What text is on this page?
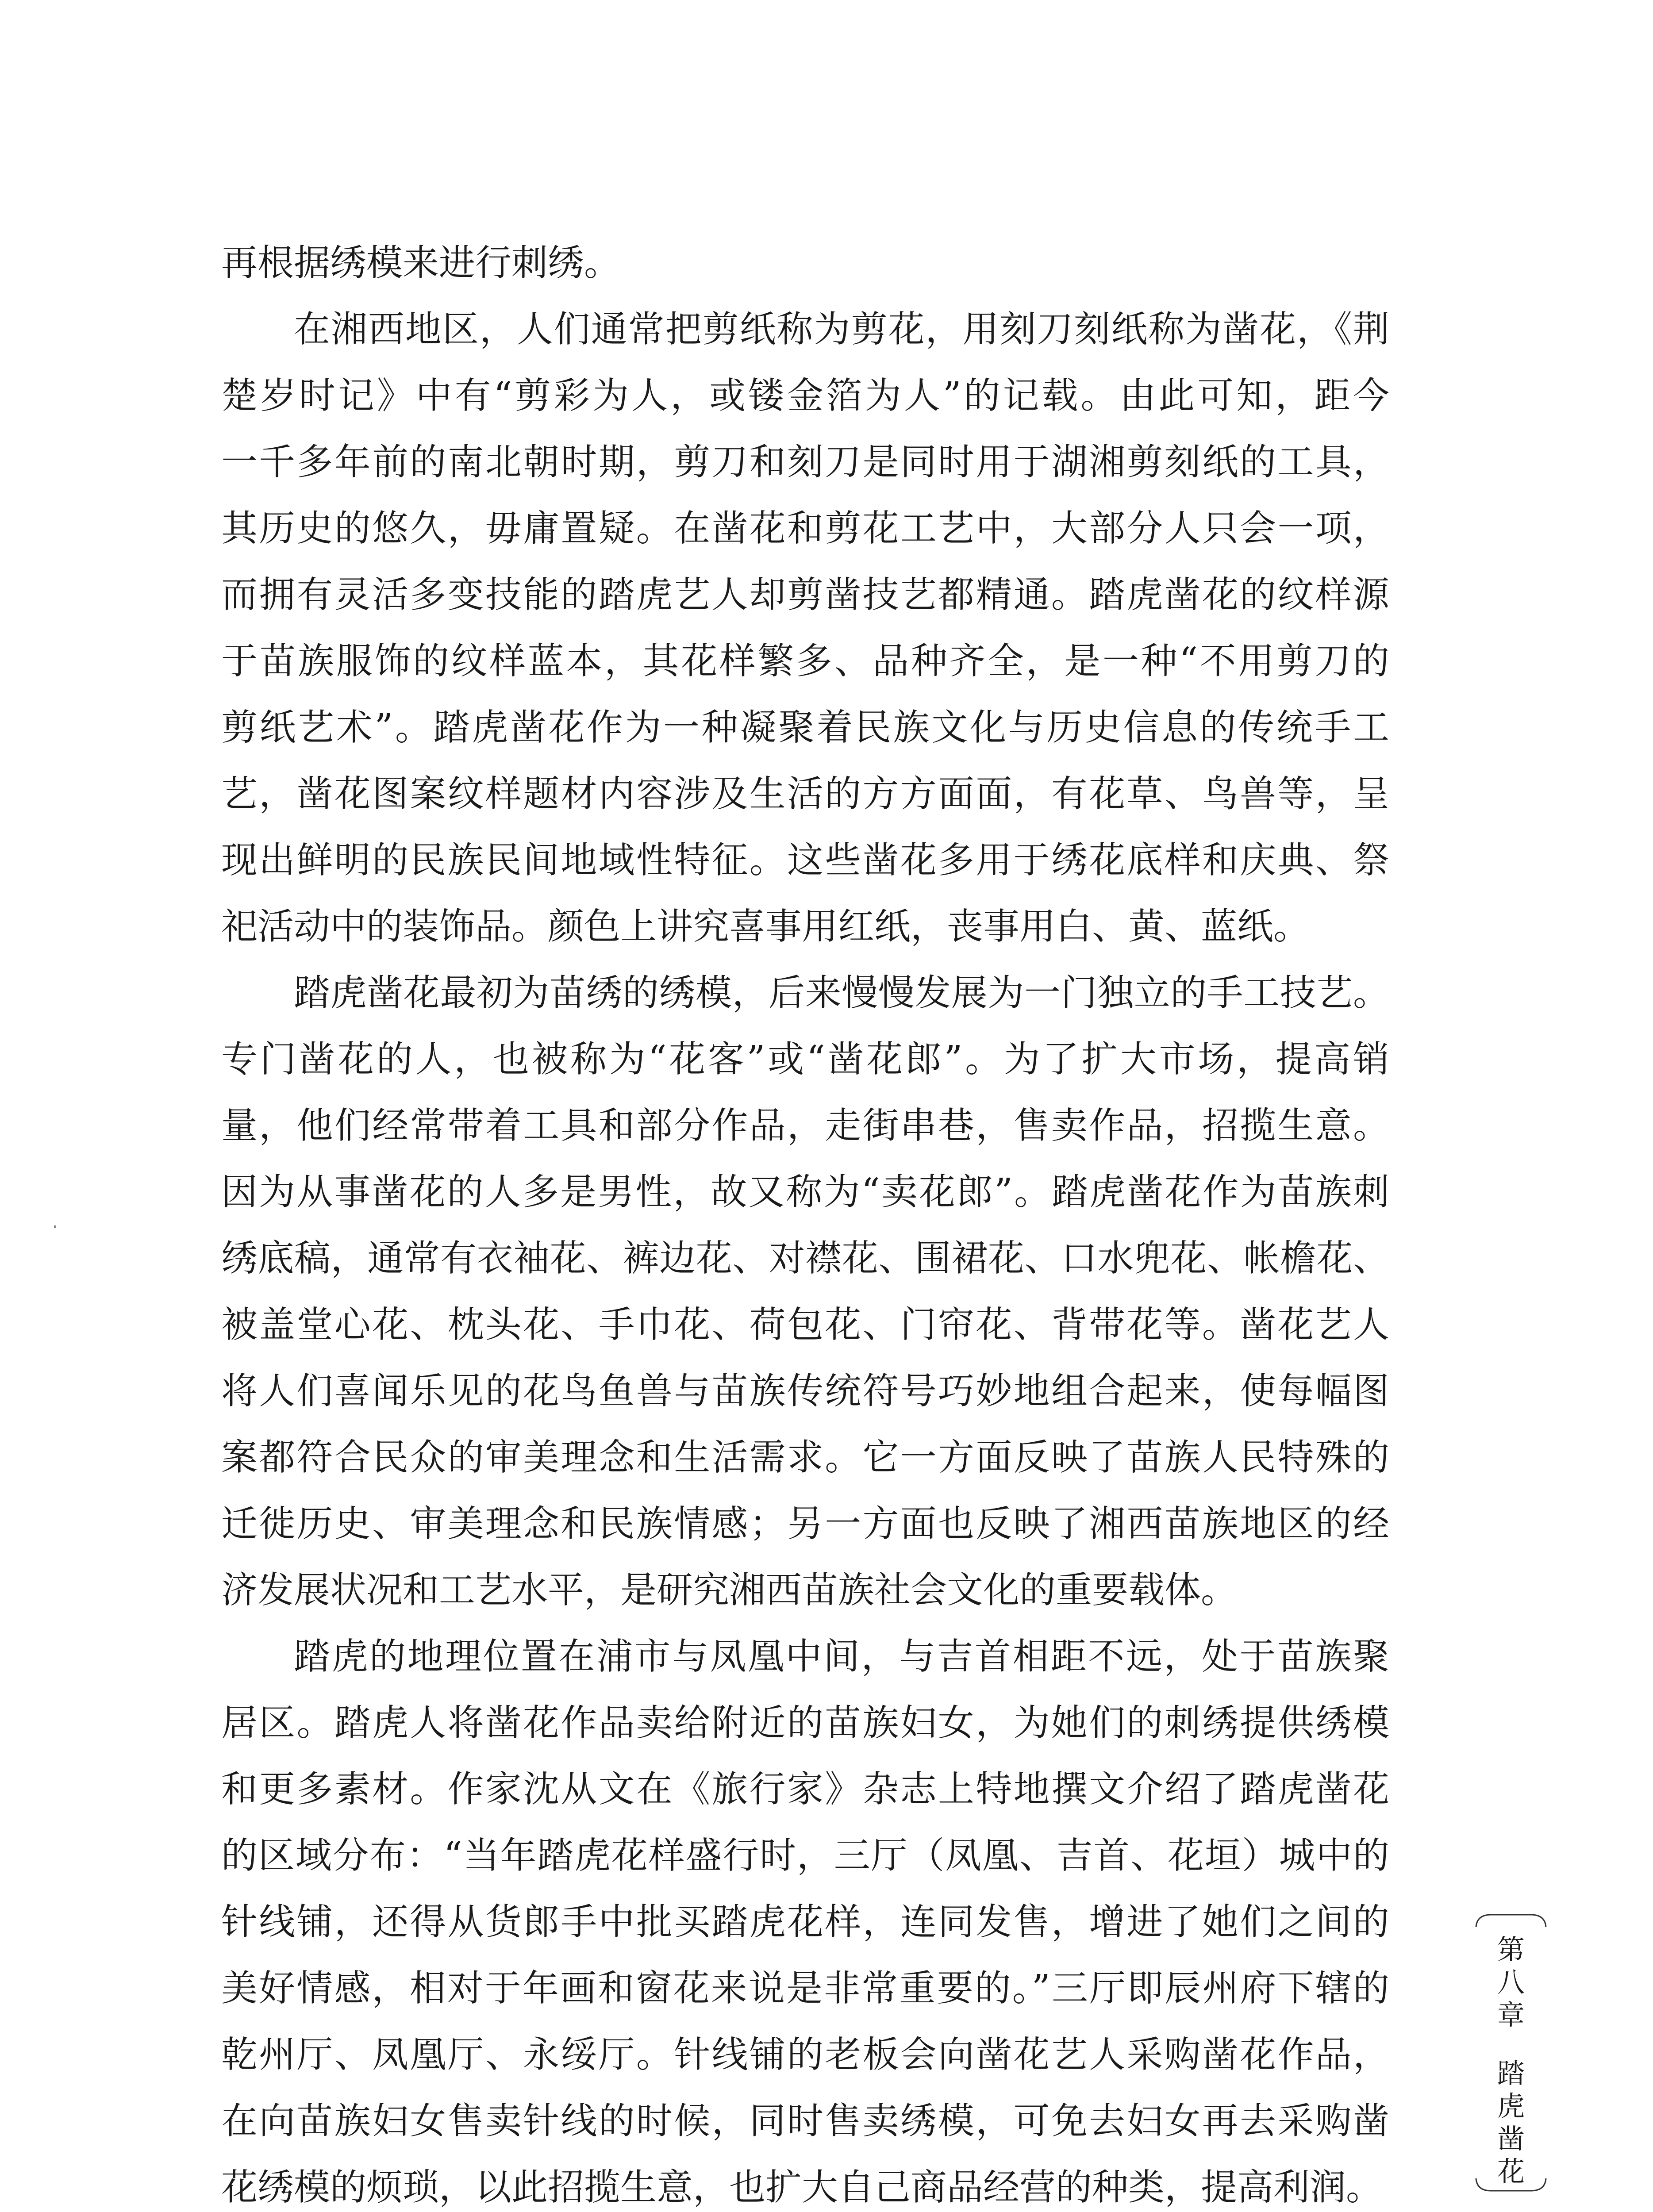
再根据绣模来进行刺绣。
在湘西地区，人们通常把剪纸称为剪花，用刻刀刻纸称为凿花，《荆
楚岁时记》中有“剪彩为人，或镂金箔为人”的记载。由此可知，距今
一千多年前的南北朝时期，剪刀和刻刀是同时用于湖湘剪刻纸的工具，
其历史的悠久，毋庸置疑。在凿花和剪花工艺中，大部分人只会一项，
而拥有灵活多变技能的踏虎艺人却剪凿技艺都精通。踏虎凿花的纹样源
于苗族服饰的纹样蓝本，其花样繁多、品种齐全，是一种“不用剪刀的
剪纸艺术”。踏虎凿花作为一种凝聚着民族文化与历史信息的传统手工
艺，凿花图案纹样题材内容涉及生活的方方面面，有花草、鸟兽等，呈
现出鲜明的民族民间地域性特征。这些凿花多用于绣花底样和庆典、祭
祀活动中的装饰品。颜色上讲究喜事用红纸，丧事用白、黄、蓝纸。
踏虎凿花最初为苗绣的绣模，后来慢慢发展为一门独立的手工技艺。
专门凿花的人，也被称为“花客”或“凿花郎”。为了扩大市场，提高销
量，他们经常带着工具和部分作品，走街串巷，售卖作品，招揽生意。
因为从事凿花的人多是男性，故又称为“卖花郎”。踏虎凿花作为苗族刺
绣底稿，通常有衣袖花、裤边花、对襟花、围裙花、口水兜花、帐檐花、
被盖堂心花、枕头花、手巾花、荷包花、门帘花、背带花等。凿花艺人
将人们喜闻乐见的花鸟鱼兽与苗族传统符号巧妙地组合起来，使每幅图
案都符合民众的审美理念和生活需求。它一方面反映了苗族人民特殊的
迁徙历史、审美理念和民族情感；另一方面也反映了湘西苗族地区的经
济发展状况和工艺水平，是研究湘西苗族社会文化的重要载体。
踏虎的地理位置在浦市与凤凰中间，与吉首相距不远，处于苗族聚
居区。踏虎人将凿花作品卖给附近的苗族妇女，为她们的刺绣提供绣模
和更多素材。作家沈从文在《旅行家》杂志上特地撰文介绍了踏虎凿花
的区域分布：“当年踏虎花样盛行时，三厅（凤凰、吉首、花垣）城中的
针线铺，还得从货郎手中批买踏虎花样，连同发售，增进了她们之间的
美好情感，相对于年画和窗花来说是非常重要的。”三厅即辰州府下辖的
乾州厅、凤凰厅、永绥厅。针线铺的老板会向凿花艺人采购凿花作品，
在向苗族妇女售卖针线的时候，同时售卖绣模，可免去妇女再去采购凿
花绣模的烦琐，以此招揽生意，也扩大自己商品经营的种类，提高利润。
第八章
踏虎凿花
